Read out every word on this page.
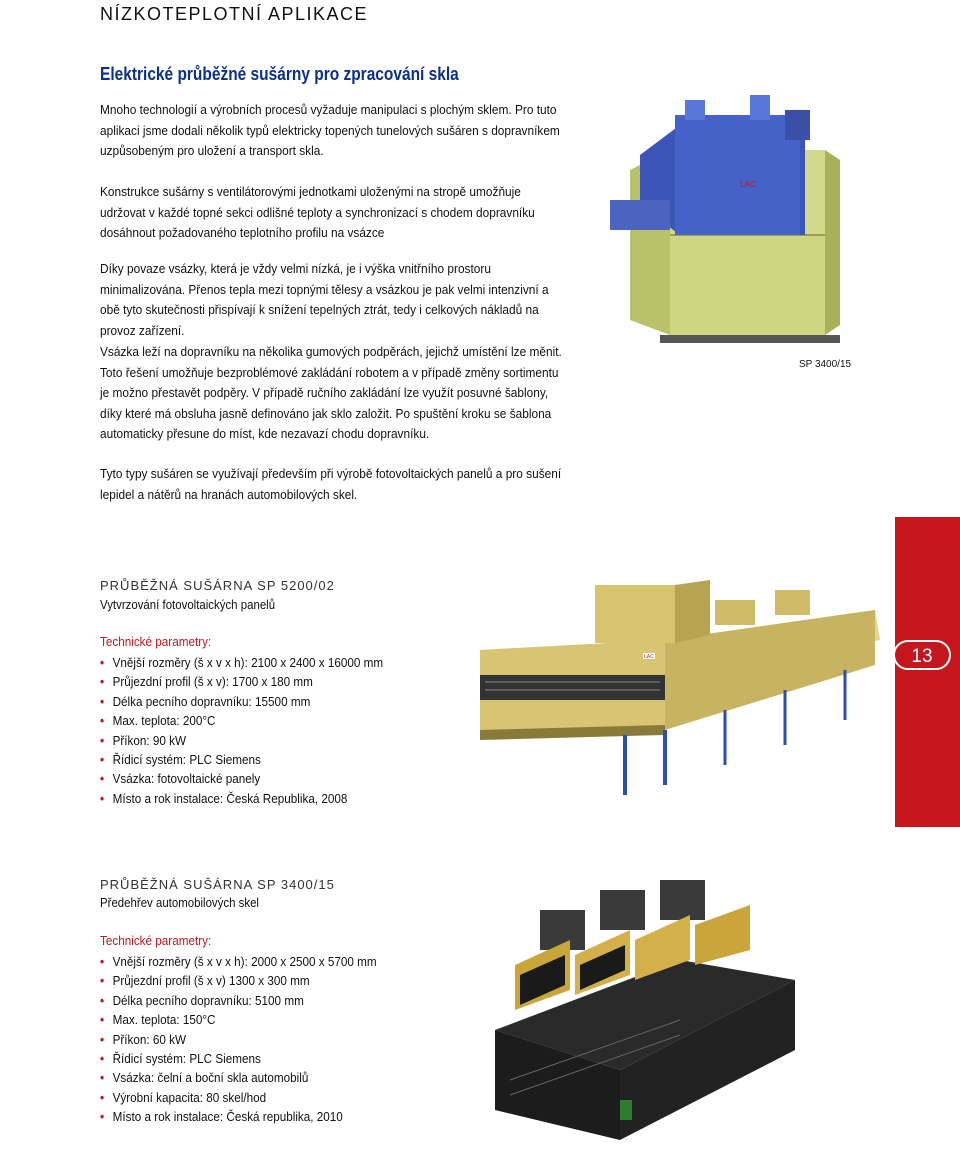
NÍZKOTEPLOTNÍ APLIKACE
Elektrické průběžné sušárny pro zpracování skla
Mnoho technologií a výrobních procesů vyžaduje manipulaci s plochým sklem. Pro tuto aplikaci jsme dodali několik typů elektricky topených tunelových sušáren s dopravníkem uzpůsobeným pro uložení a transport skla.
Konstrukce sušárny s ventilátorovými jednotkami uloženými na stropě umožňuje udržovat v každé topné sekci odlišné teploty a synchronizací s chodem dopravníku dosáhnout požadovaného teplotního profilu na vsázce
Díky povaze vsázky, která je vždy velmi nízká, je i výška vnitřního prostoru minimalizována. Přenos tepla mezi topnými tělesy a vsázkou je pak velmi intenzivní a obě tyto skutečnosti přispívají k snížení tepelných ztrát, tedy i celkových nákladů na provoz zařízení.
Vsázka leží na dopravníku na několika gumových podpěrách, jejichž umístění lze měnit. Toto řešení umožňuje bezproblémové zakládání robotem a v případě změny sortimentu je možno přestavět podpěry. V případě ručního zakládání lze využít posuvné šablony, díky které má obsluha jasně definováno jak sklo založit. Po spuštění kroku se šablona automaticky přesune do míst, kde nezavazí chodu dopravníku.
Tyto typy sušáren se využívají především při výrobě fotovoltaických panelů a pro sušení lepidel a nátěrů na hranách automobilových skel.
LAC
SP 3400/15
13
PRŮBĚŽNÁ SUŠÁRNA SP 5200/02
Vytvrzování fotovoltaických panelů
Technické parametry:
• Vnější rozměry (š x v x h): 2100 x 2400 x 16000 mm
• Průjezdní profil (š x v): 1700 x 180 mm
• Délka pecního dopravníku: 15500 mm
• Max. teplota: 200°C
• Příkon: 90 kW
• Řídicí systém: PLC Siemens
• Vsázka: fotovoltaické panely
• Místo a rok instalace: Česká Republika, 2008
LAC
PRŮBĚŽNÁ SUŠÁRNA SP 3400/15
Předehřev automobilových skel
Technické parametry:
• Vnější rozměry (š x v x h): 2000 x 2500 x 5700 mm
• Průjezdní profil (š x v) 1300 x 300 mm
• Délka pecního dopravníku: 5100 mm
• Max. teplota: 150°C
• Příkon: 60 kW
• Řídicí systém: PLC Siemens
• Vsázka: čelní a boční skla automobilů
• Výrobní kapacita: 80 skel/hod
• Místo a rok instalace: Česká republika, 2010
